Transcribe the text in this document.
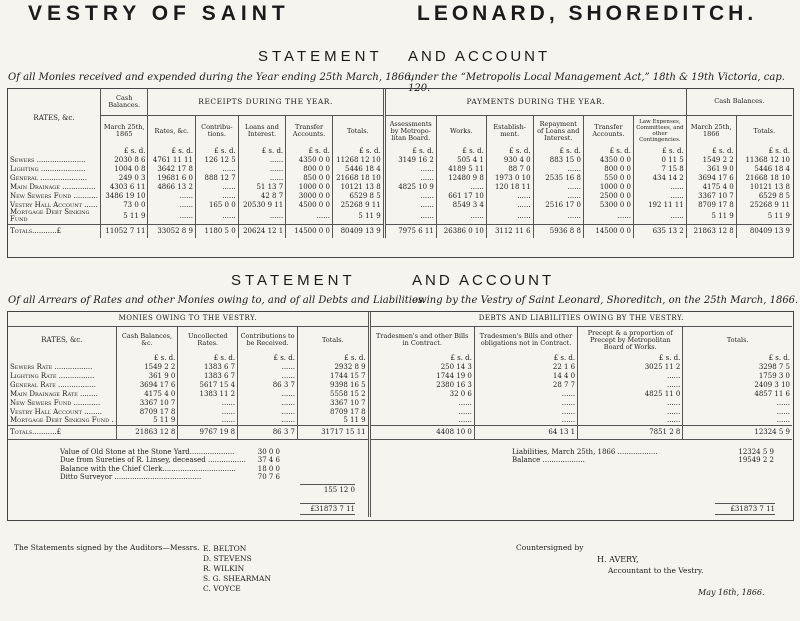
VESTRY OF SAINT	LEONARD, SHOREDITCH.
STATEMENT AND ACCOUNT
Of all Monies received and expended during the Year ending 25th March, 1866,
under the “Metropolis Local Management Act,” 18th & 19th Victoria, cap. 120.
RATES, &c.	Cash Balances.	RECEIPTS DURING THE YEAR.					PAYMENTS DURING THE YEAR.						Cash Balances.	
	March 25th, 1865	Rates, &c.	Contribu-tions.	Loans and Interest.	Transfer Accounts.	Totals.	Assessments by Metropo-litan Board.	Works.	Establish-ment.	Repayment of Loans and Interest.	Transfer Accounts.	Law Expenses, Committees, and other Contingencies.	March 25th, 1866	Totals.
	£ s. d.	£ s. d.	£ s. d.	£ s. d.	£ s. d.	£ s. d.	£ s. d.	£ s. d.	£ s. d.	£ s. d.	£ s. d.	£ s. d.	£ s. d.	£ s. d.
Sewers ......................	2030 8 6	4761 11 11	126 12 5	......	4350 0 0	11268 12 10	3149 16 2	505 4 1	930 4 0	883 15 0	4350 0 0	0 11 5	1549 2 2	11368 12 10
Lighting ....................	1004 0 8	3642 17 8	......	......	800 0 0	5446 18 4	......	4189 5 11	88 7 0	......	800 0 0	7 15 8	361 9 0	5446 18 4
General .....................	249 0 3	19681 6 0	888 12 7	......	850 0 0	21668 18 10	......	12480 9 8	1973 0 10	2535 16 8	550 0 0	434 14 2	3694 17 6	21668 18 10
Main Drainage ...............	4303 6 11	4866 13 2	......	51 13 7	1000 0 0	10121 13 8	4825 10 9	......	120 18 11	......	1000 0 0	......	4175 4 0	10121 13 8
New Sewers Fund ...........	3486 19 10	......	......	42 8 7	3000 0 0	6529 8 5	......	661 17 10	......	......	2500 0 0	......	3367 10 7	6529 8 5
Vestry Hall Account ......	73 0 0	......	165 0 0	20530 9 11	4500 0 0	25268 9 11	......	8549 3 4	......	2516 17 0	5300 0 0	192 11 11	8709 17 8	25268 9 11
Mortgage Debt Sinking Fund	5 11 9	......	......	......	......	5 11 9	......	......	......	......	......	......	5 11 9	5 11 9
Totals...........£	11052 7 11	33052 8 9	1180 5 0	20624 12 1	14500 0 0	80409 13 9	7975 6 11	26386 0 10	3112 11 6	5936 8 8	14500 0 0	635 13 2	21863 12 8	80409 13 9
STATEMENT	AND ACCOUNT
Of all Arrears of Rates and other Monies owing to, and of all Debts and Liabilities
owing by the Vestry of Saint Leonard, Shoreditch, on the 25th March, 1866.
MONIES OWING TO THE VESTRY.					DEBTS AND LIABILITIES OWING BY THE VESTRY.			
RATES, &c.	Cash Balances, &c.	Uncollected Rates.	Contributions to be Received.	Totals.	Tradesmen's and other Bills in Contract.	Tradesmen's Bills and other obligations not in Contract.	Precept & a proportion of Precept by Metropolitan Board of Works.	Totals.
	£ s. d.	£ s. d.	£ s. d.	£ s. d.	£ s. d.	£ s. d.	£ s. d.	£ s. d.
Sewers Rate .................	1549 2 2	1383 6 7	......	2932 8 9	250 14 3	22 1 6	3025 11 2	3298 7 5
Lighting Rate ................	361 9 0	1383 6 7	......	1744 15 7	1744 19 0	14 4 0	......	1759 3 0
General Rate .................	3694 17 6	5617 15 4	86 3 7	9398 16 5	2380 16 3	28 7 7	......	2409 3 10
Main Drainage Rate ........	4175 4 0	1383 11 2	......	5558 15 2	32 0 6	......	4825 11 0	4857 11 6
New Sewers Fund ............	3367 10 7	......	......	3367 10 7	......	......	......	......
Vestry Hall Account ........	8709 17 8	......	......	8709 17 8	......	......	......	......
Mortgage Debt Sinking Fund .	5 11 9	......	......	5 11 9	......	......	......	......
Totals...........£	21863 12 8	9767 19 8	86 3 7	31717 15 11	4408 10 0	64 13 1	7851 2 8	12324 5 9

Value of Old Stone at the Stone Yard....................	30 0 0
Due from Sureties of R. Linsey, deceased ................. 37 4 6
Balance with the Chief Clerk.................................	18 0 0
Ditto Surveyor .......................................	70 7 6
155 12 0
£31873 7 11
Liabilities, March 25th, 1866 ..................	12324 5 9
Balance ...................	19549 2 2
£31873 7 11
The Statements signed by the Auditors—Messrs. E. BELTON
D. STEVENS
R. WILKIN
S. G. SHEARMAN
C. VOYCE
Countersigned by
H. AVERY,
Accountant to the Vestry.
May 16th, 1866.
